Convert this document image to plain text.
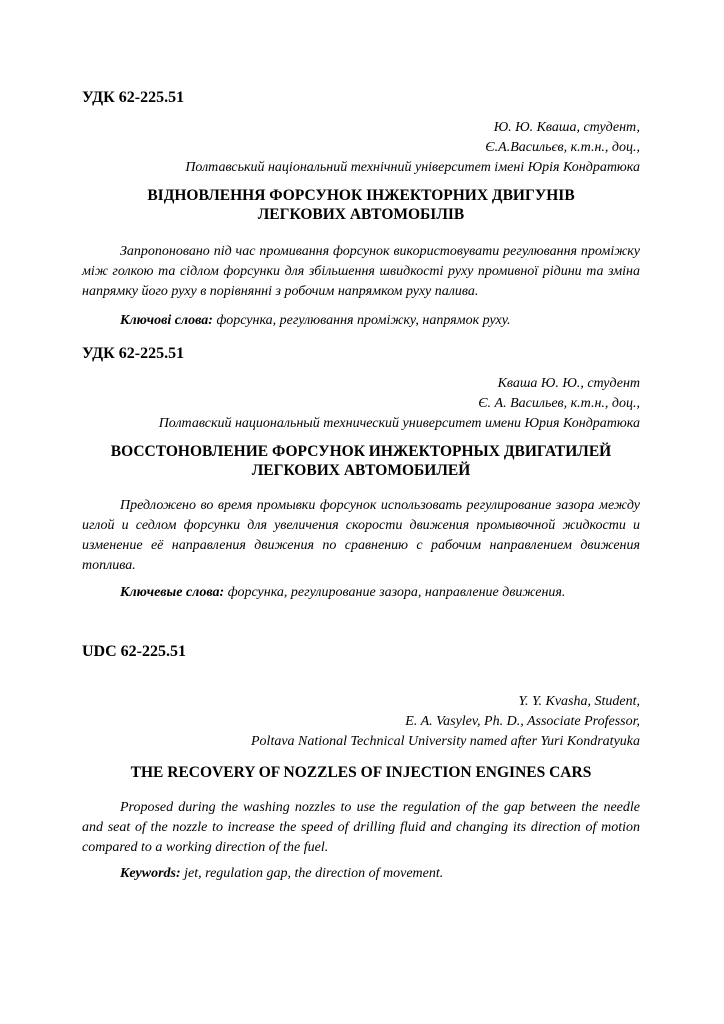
УДК 62-225.51
Ю. Ю. Кваша, студент,
Є.А.Васильєв, к.т.н., доц.,
Полтавський національний технічний університет імені Юрія Кондратюка
ВІДНОВЛЕННЯ ФОРСУНОК ІНЖЕКТОРНИХ ДВИГУНІВ
ЛЕГКОВИХ АВТОМОБІЛІВ

Запропоновано під час промивання форсунок використовувати регулювання проміжку між голкою та сідлом форсунки для збільшення швидкості руху промивної рідини та зміна напрямку його руху в порівнянні з робочим напрямком руху палива.

Ключові слова: форсунка, регулювання проміжку, напрямок руху.

УДК 62-225.51
Кваша Ю. Ю., студент
Є. А. Васильев, к.т.н., доц.,
Полтавский национальный технический университет имени Юрия Кондратюка
ВОССТОНОВЛЕНИЕ ФОРСУНОК ИНЖЕКТОРНЫХ ДВИГАТИЛЕЙ
ЛЕГКОВИХ АВТОМОБИЛЕЙ

Предложено во время промывки форсунок использовать регулирование зазора между иглой и седлом форсунки для увеличения скорости движения промывочной жидкости и изменение её направления движения по сравнению с рабочим направлением движения топлива.

Ключевые слова: форсунка, регулирование зазора, направление движения.

UDC 62-225.51
Y. Y. Kvasha, Student,
E. A. Vasylev, Ph. D., Associate Professor,
Poltava National Technical University named after Yuri Kondratyuka
THE RECOVERY OF NOZZLES OF INJECTION ENGINES CARS

Proposed during the washing nozzles to use the regulation of the gap between the needle and seat of the nozzle to increase the speed of drilling fluid and changing its direction of motion compared to a working direction of the fuel.

Keywords: jet, regulation gap, the direction of movement.
